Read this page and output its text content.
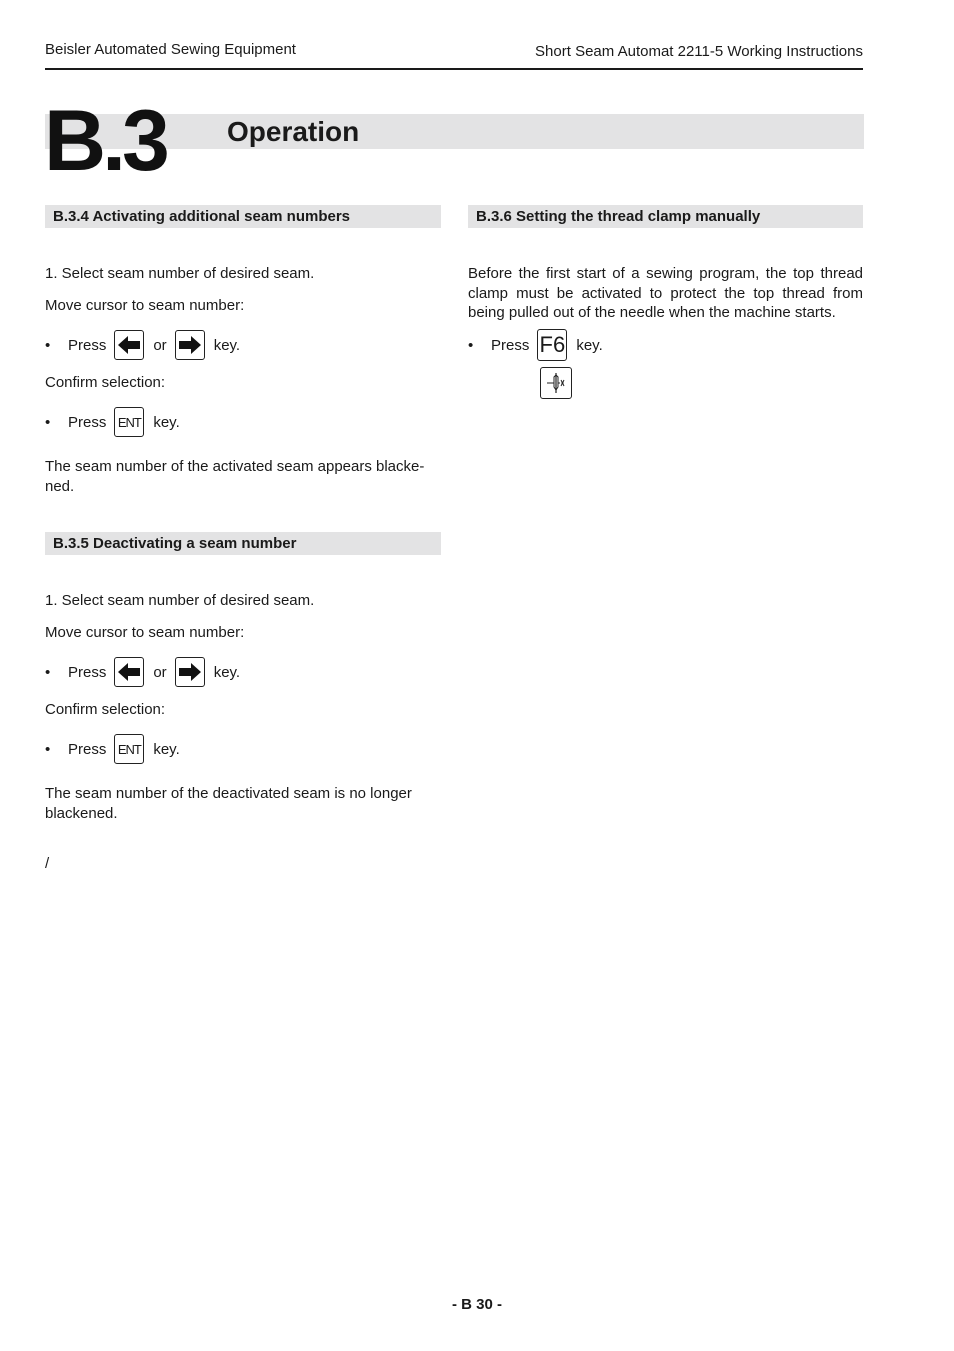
Beisler Automated Sewing Equipment	Short Seam Automat 2211-5 Working Instructions
B.3 Operation
B.3.4 Activating additional seam numbers
1. Select seam number of desired seam.
Move cursor to seam number:
•	Press	or	key.
Confirm selection:
•	Press ENT key.
The seam number of the activated seam appears blacke-ned.
B.3.5 Deactivating a seam number
1. Select seam number of desired seam.
Move cursor to seam number:
•	Press	or	key.
Confirm selection:
•	Press ENT key.
The seam number of the deactivated seam is no longer blackened.
/
B.3.6 Setting the thread clamp manually
Before the first start of a sewing program, the top thread clamp must be activated to protect the top thread from being pulled out of the needle when the machine starts.
•	Press F6 key.
- B 30 -
